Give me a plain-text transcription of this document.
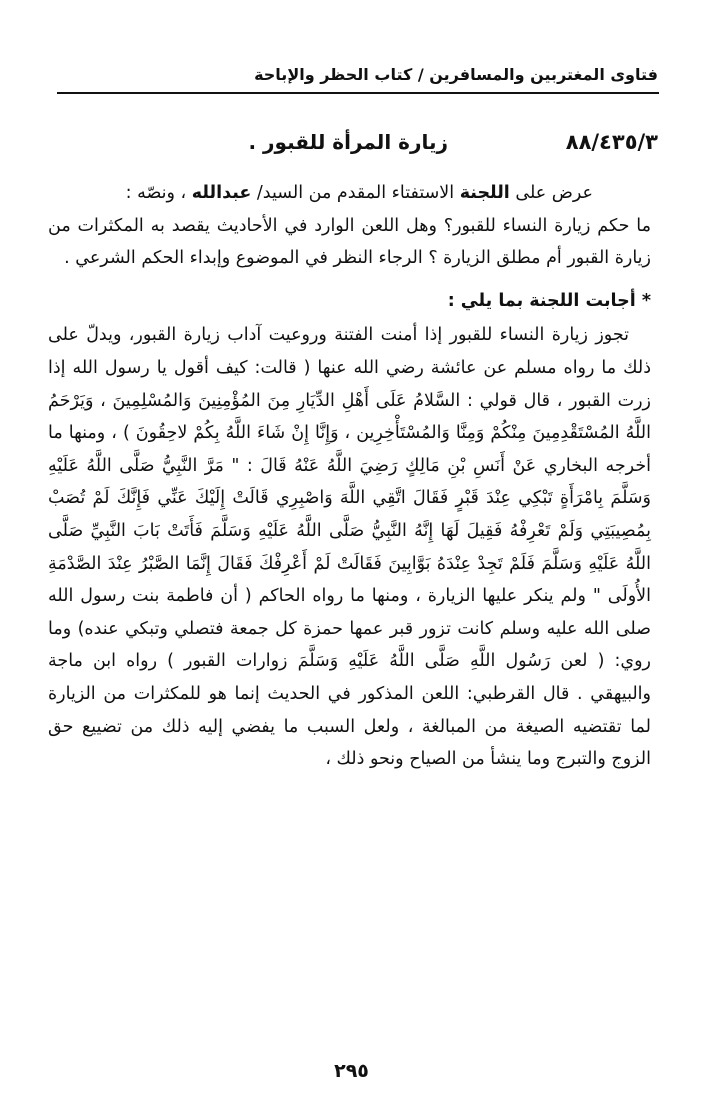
فتاوى المغتربين والمسافرين / كتاب الحظر والإباحة
٨٨/٤٣٥/٣
زيارة المرأة للقبور .

عرض على اللجنة الاستفتاء المقدم من السيد/ عبدالله ، ونصّه :

ما حكم زيارة النساء للقبور؟ وهل اللعن الوارد في الأحاديث يقصد به المكثرات من زيارة القبور أم مطلق الزيارة ؟ الرجاء النظر في الموضوع وإبداء الحكم الشرعي .

* أجابت اللجنة بما يلي :

تجوز زيارة النساء للقبور إذا أمنت الفتنة وروعيت آداب زيارة القبور، ويدلّ على ذلك ما رواه مسلم عن عائشة رضي الله عنها ( قالت: كيف أقول يا رسول الله إذا زرت القبور ، قال قولي : السَّلامُ عَلَى أَهْلِ الدِّيَارِ مِنَ المُؤْمِنِينَ وَالمُسْلِمِينَ ، وَيَرْحَمُ اللَّهُ المُسْتَقْدِمِينَ مِنْكُمْ وَمِنَّا وَالمُسْتَأْخِرِين ، وَإِنَّا إِنْ شَاءَ اللَّهُ بِكُمْ لاحِقُونَ ) ، ومنها ما أخرجه البخاري عَنْ أَنَسِ بْنِ مَالِكٍ رَضِيَ اللَّهُ عَنْهُ قَالَ : " مَرَّ النَّبِيُّ صَلَّى اللَّهُ عَلَيْهِ وَسَلَّمَ بِامْرَأَةٍ تَبْكِي عِنْدَ قَبْرٍ فَقَالَ اتَّقِي اللَّهَ وَاصْبِرِي قَالَتْ إِلَيْكَ عَنِّي فَإِنَّكَ لَمْ تُصَبْ بِمُصِيبَتِي وَلَمْ تَعْرِفْهُ فَقِيلَ لَهَا إِنَّهُ النَّبِيُّ صَلَّى اللَّهُ عَلَيْهِ وَسَلَّمَ فَأَتَتْ بَابَ النَّبِيِّ صَلَّى اللَّهُ عَلَيْهِ وَسَلَّمَ فَلَمْ تَجِدْ عِنْدَهُ بَوَّابِينَ فَقَالَتْ لَمْ أَعْرِفْكَ فَقَالَ إِنَّمَا الصَّبْرُ عِنْدَ الصَّدْمَةِ الأُولَى " ولم ينكر عليها الزيارة ، ومنها ما رواه الحاكم ( أن فاطمة بنت رسول الله صلى الله عليه وسلم كانت تزور قبر عمها حمزة كل جمعة فتصلي وتبكي عنده) وما روي: ( لعن رَسُول اللَّهِ صَلَّى اللَّهُ عَلَيْهِ وَسَلَّمَ زوارات القبور ) رواه ابن ماجة والبيهقي . قال القرطبي: اللعن المذكور في الحديث إنما هو للمكثرات من الزيارة لما تقتضيه الصيغة من المبالغة ، ولعل السبب ما يفضي إليه ذلك من تضييع حق الزوج والتبرج وما ينشأ من الصياح ونحو ذلك ،

٢٩٥
